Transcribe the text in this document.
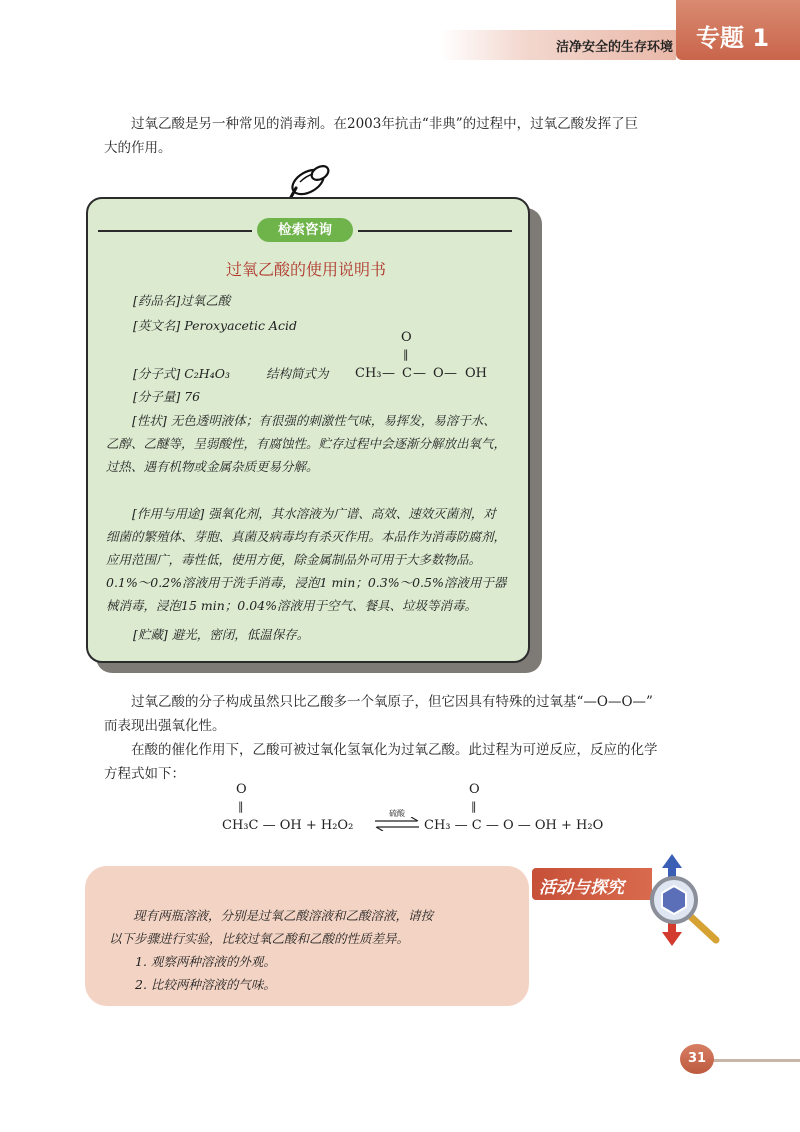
洁净安全的生存环境 专题 1

过氧乙酸是另一种常见的消毒剂。在2003年抗击“非典”的过程中，过氧乙酸发挥了巨

大的作用。
检索咨询
过氧乙酸的使用说明书
[药品名]过氧乙酸
[英文名] Peroxyacetic Acid
[分子式] C₂H₄O₃	结构简式为 CH₃ — C
O
‖
— O — OH
[分子量] 76

[性状] 无色透明液体；有很强的刺激性气味，易挥发，易溶于水、乙醇、乙醚等，呈弱酸性，有腐蚀性。贮存过程中会逐渐分解放出氧气，过热、遇有机物或金属杂质更易分解。

[作用与用途] 强氧化剂，其水溶液为广谱、高效、速效灭菌剂，对细菌的繁殖体、芽胞、真菌及病毒均有杀灭作用。本品作为消毒防腐剂，应用范围广，毒性低，使用方便，除金属制品外可用于大多数物品。0.1%～0.2%溶液用于洗手消毒，浸泡1 min；0.3%～0.5%溶液用于器械消毒，浸泡15 min；0.04%溶液用于空气、餐具、垃圾等消毒。

[贮藏] 避光，密闭，低温保存。

过氧乙酸的分子构成虽然只比乙酸多一个氧原子，但它因具有特殊的过氧基“—O—O—”

而表现出强氧化性。

在酸的催化作用下，乙酸可被过氧化氢氧化为过氧乙酸。此过程为可逆反应，反应的化学

方程式如下：
O
‖
CH₃C — OH + H₂O₂
硫酸
O
‖
CH₃ — C — O — OH + H₂O
活动与探究
现有两瓶溶液，分别是过氧乙酸溶液和乙酸溶液，请按
以下步骤进行实验，比较过氧乙酸和乙酸的性质差异。
1. 观察两种溶液的外观。
2. 比较两种溶液的气味。
31
